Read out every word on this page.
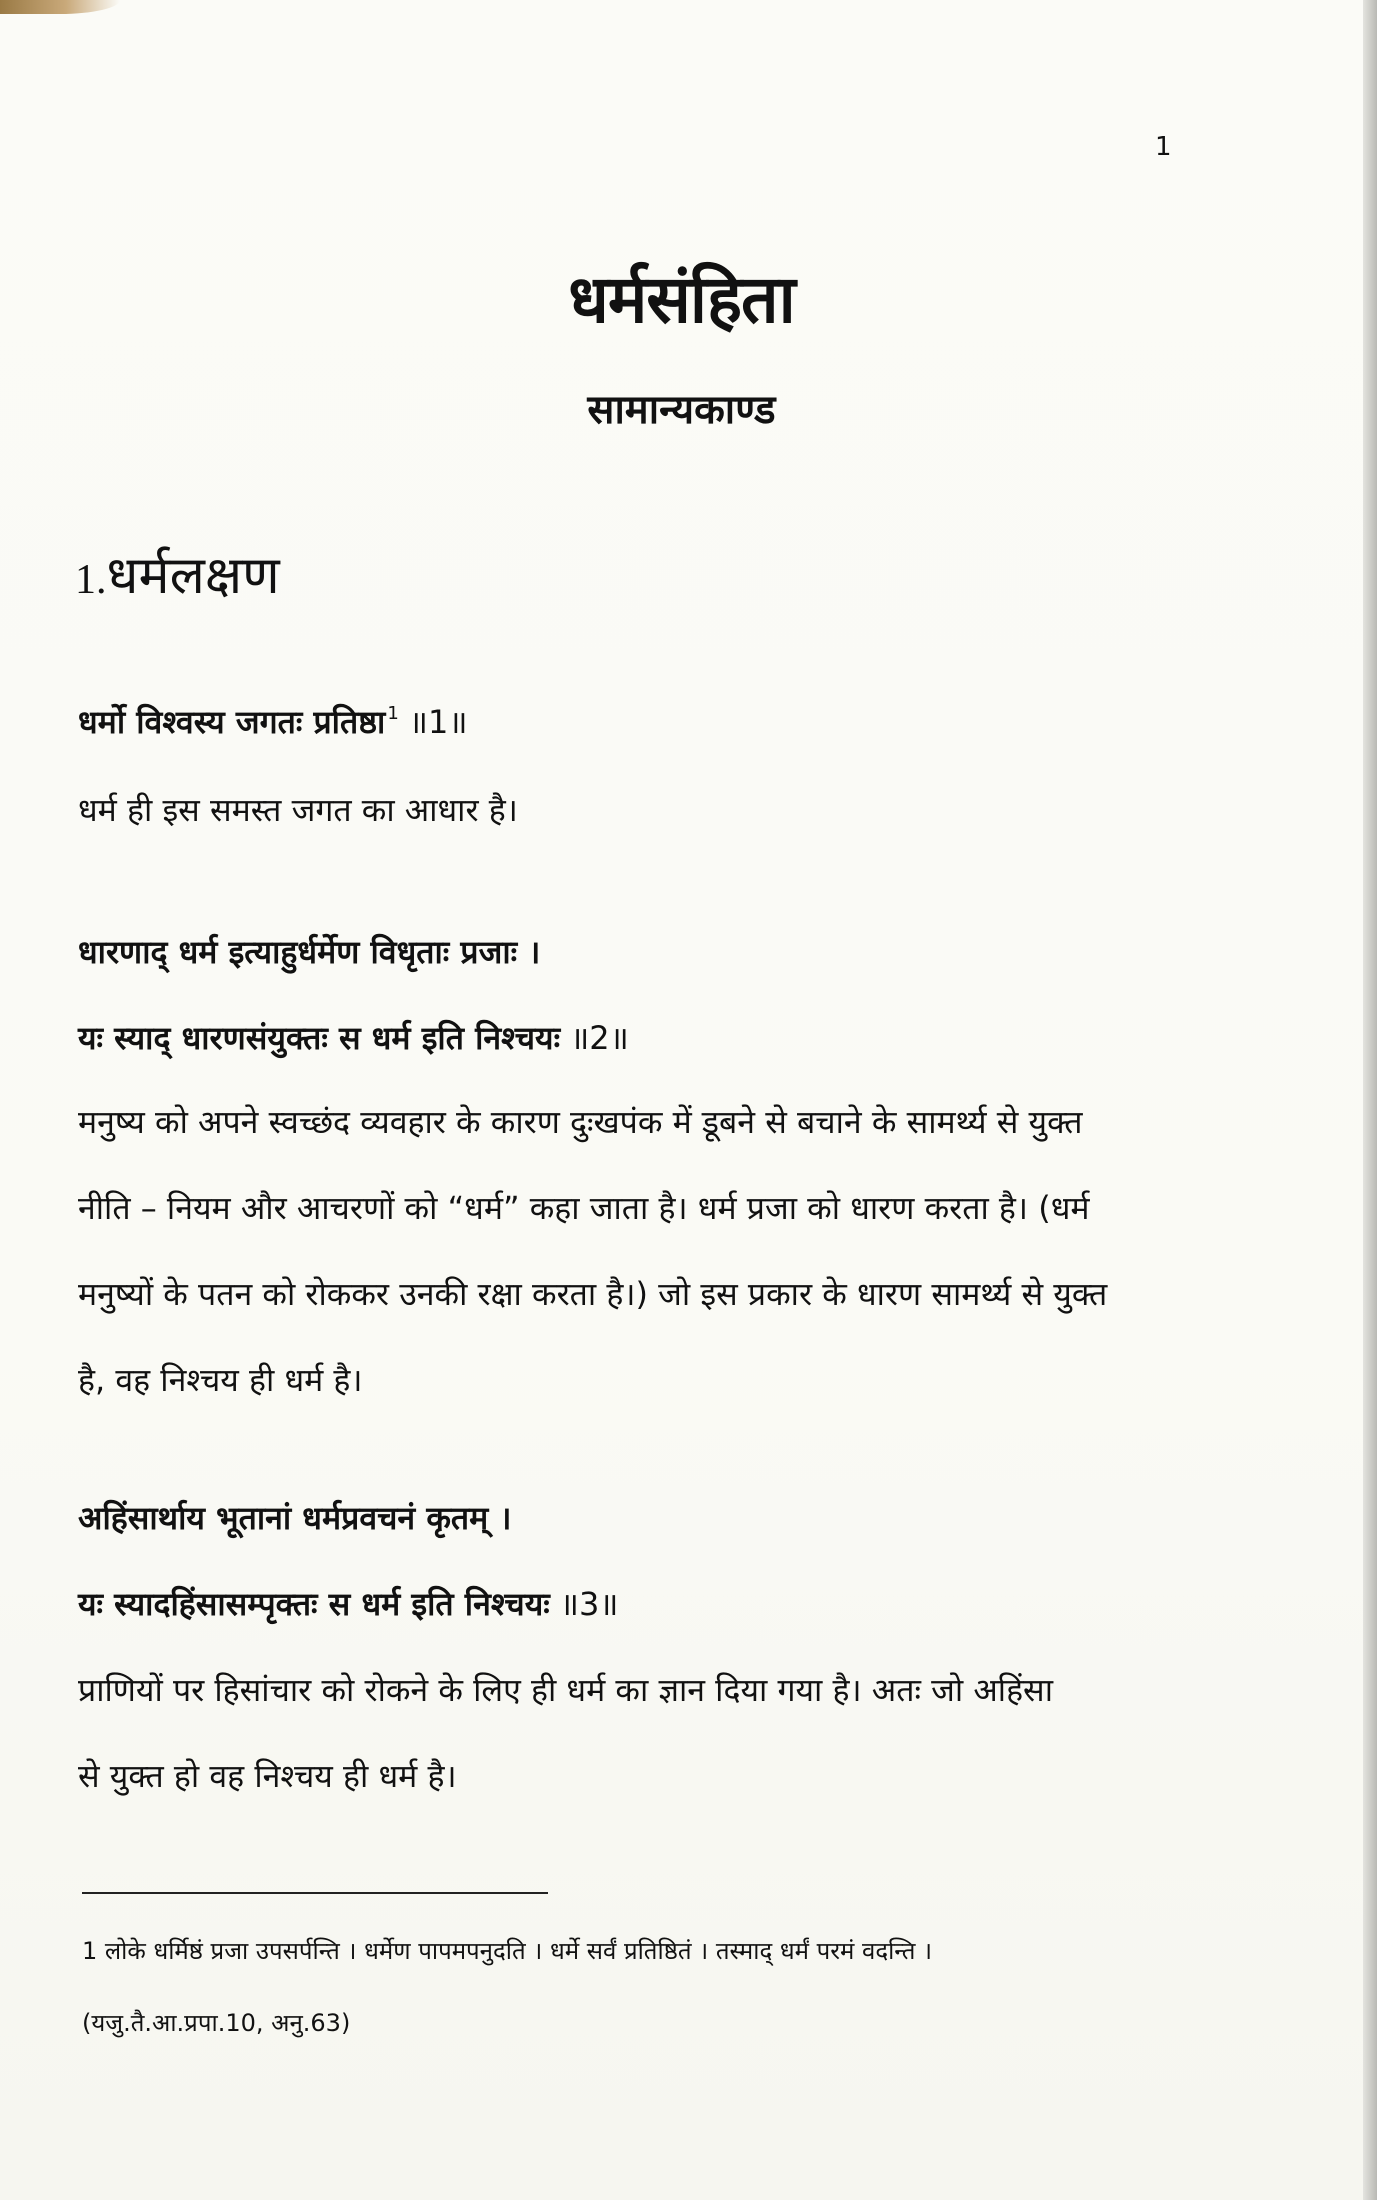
1
धर्मसंहिता
सामान्यकाण्ड
1.धर्मलक्षण
धर्मो विश्वस्य जगतः प्रतिष्ठा $^1$ ॥1॥
धर्म ही इस समस्त जगत का आधार है।
धारणाद् धर्म इत्याहुर्धर्मेण विधृताः प्रजाः ।
यः स्याद् धारणसंयुक्तः स धर्म इति निश्चयः ॥2॥
मनुष्य को अपने स्वच्छंद व्यवहार के कारण दुःखपंक में डूबने से बचाने के सामर्थ्य से युक्त
नीति – नियम और आचरणों को “धर्म” कहा जाता है। धर्म प्रजा को धारण करता है। (धर्म
मनुष्यों के पतन को रोककर उनकी रक्षा करता है।) जो इस प्रकार के धारण सामर्थ्य से युक्त
है, वह निश्चय ही धर्म है।
अहिंसार्थाय भूतानां धर्मप्रवचनं कृतम् ।
यः स्यादहिंसासम्पृक्तः स धर्म इति निश्चयः ॥3॥
प्राणियों पर हिसांचार को रोकने के लिए ही धर्म का ज्ञान दिया गया है। अतः जो अहिंसा
से युक्त हो वह निश्चय ही धर्म है।
1 लोके धर्मिष्ठं प्रजा उपसर्पन्ति । धर्मेण पापमपनुदति । धर्मे सर्वं प्रतिष्ठितं । तस्माद् धर्मं परमं वदन्ति ।
(यजु.तै.आ.प्रपा.10, अनु.63)
